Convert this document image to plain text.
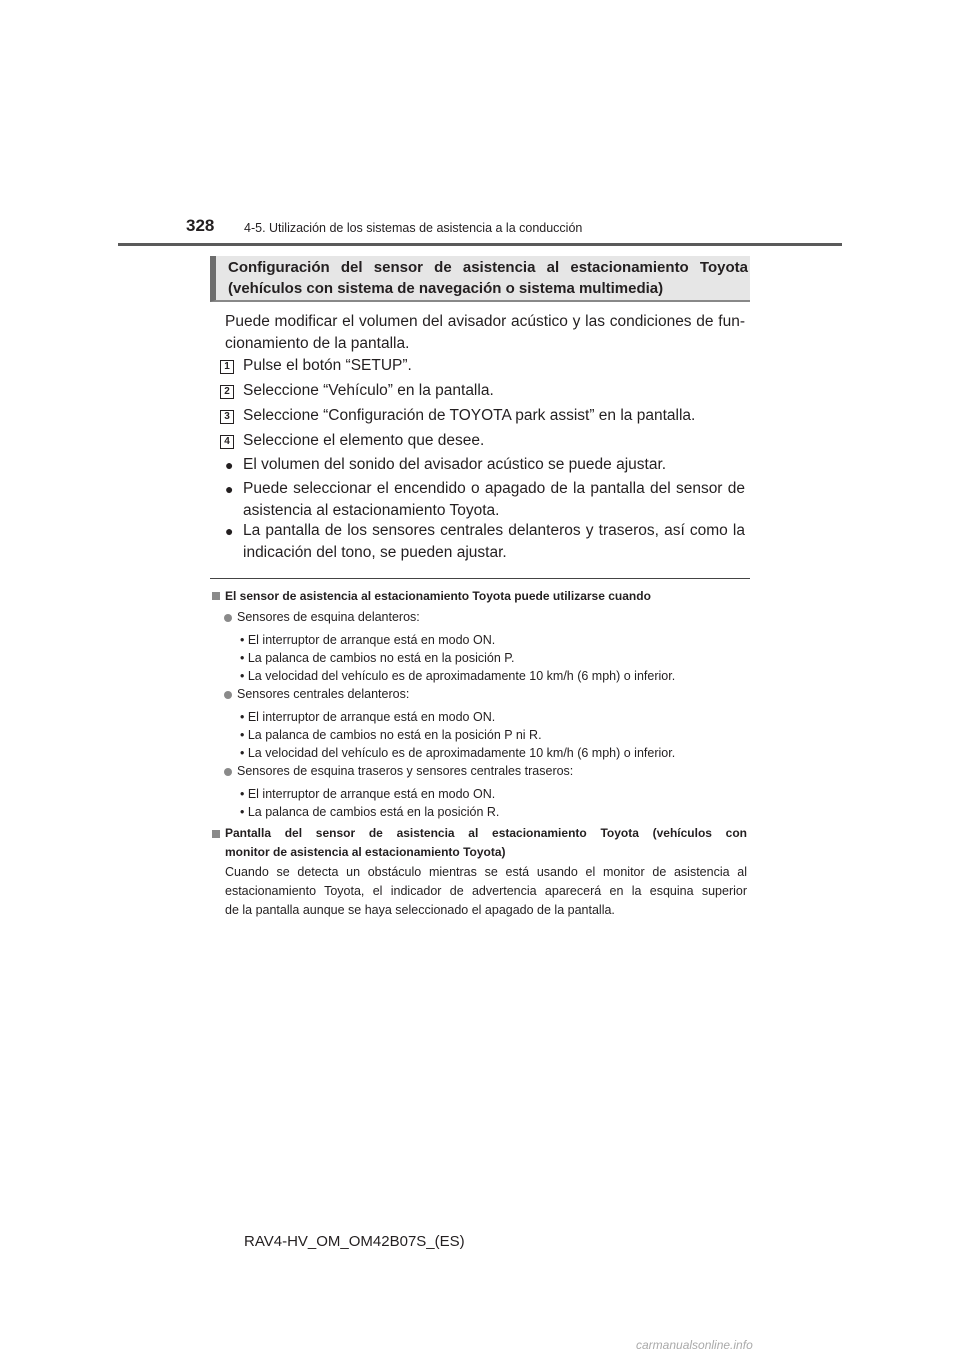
328 4-5. Utilización de los sistemas de asistencia a la conducción
Configuración del sensor de asistencia al estacionamiento Toyota
(vehículos con sistema de navegación o sistema multimedia)
Puede modificar el volumen del avisador acústico y las condiciones de fun-
cionamiento de la pantalla.
1 Pulse el botón “SETUP”.
2 Seleccione “Vehículo” en la pantalla.
3 Seleccione “Configuración de TOYOTA park assist” en la pantalla.
4 Seleccione el elemento que desee.
● El volumen del sonido del avisador acústico se puede ajustar.
● Puede seleccionar el encendido o apagado de la pantalla del sensor de
asistencia al estacionamiento Toyota.
● La pantalla de los sensores centrales delanteros y traseros, así como la
indicación del tono, se pueden ajustar.
El sensor de asistencia al estacionamiento Toyota puede utilizarse cuando
Sensores de esquina delanteros:
• El interruptor de arranque está en modo ON.
• La palanca de cambios no está en la posición P.
• La velocidad del vehículo es de aproximadamente 10 km/h (6 mph) o inferior.
Sensores centrales delanteros:
• El interruptor de arranque está en modo ON.
• La palanca de cambios no está en la posición P ni R.
• La velocidad del vehículo es de aproximadamente 10 km/h (6 mph) o inferior.
Sensores de esquina traseros y sensores centrales traseros:
• El interruptor de arranque está en modo ON.
• La palanca de cambios está en la posición R.
Pantalla del sensor de asistencia al estacionamiento Toyota (vehículos con
monitor de asistencia al estacionamiento Toyota)
Cuando se detecta un obstáculo mientras se está usando el monitor de asistencia al
estacionamiento Toyota, el indicador de advertencia aparecerá en la esquina superior
de la pantalla aunque se haya seleccionado el apagado de la pantalla.
RAV4-HV_OM_OM42B07S_(ES)
carmanualsonline.info
